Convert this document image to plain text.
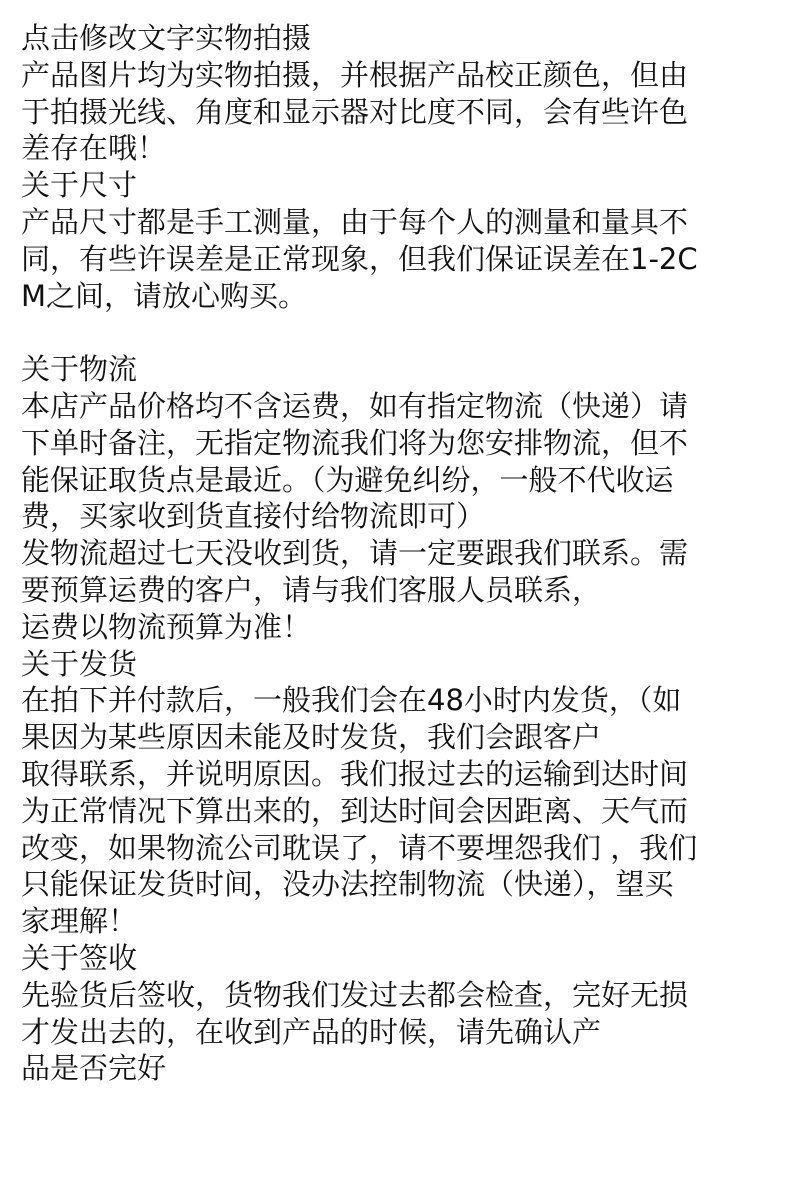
点击修改文字实物拍摄
产品图片均为实物拍摄，并根据产品校正颜色，但由
于拍摄光线、角度和显示器对比度不同，会有些许色
差存在哦！
关于尺寸
产品尺寸都是手工测量，由于每个人的测量和量具不
同，有些许误差是正常现象，但我们保证误差在1-2C
M之间，请放心购买。
关于物流
本店产品价格均不含运费，如有指定物流（快递）请
下单时备注，无指定物流我们将为您安排物流，但不
能保证取货点是最近。（为避免纠纷，一般不代收运
费，买家收到货直接付给物流即可）
发物流超过七天没收到货，请一定要跟我们联系。需
要预算运费的客户，请与我们客服人员联系，
运费以物流预算为准！
关于发货
在拍下并付款后，一般我们会在48小时内发货，（如
果因为某些原因未能及时发货，我们会跟客户
取得联系，并说明原因。我们报过去的运输到达时间
为正常情况下算出来的，到达时间会因距离、天气而
改变，如果物流公司耽误了，请不要埋怨我们 ，我们
只能保证发货时间，没办法控制物流（快递），望买
家理解！
关于签收
先验货后签收，货物我们发过去都会检查，完好无损
才发出去的，在收到产品的时候，请先确认产
品是否完好
